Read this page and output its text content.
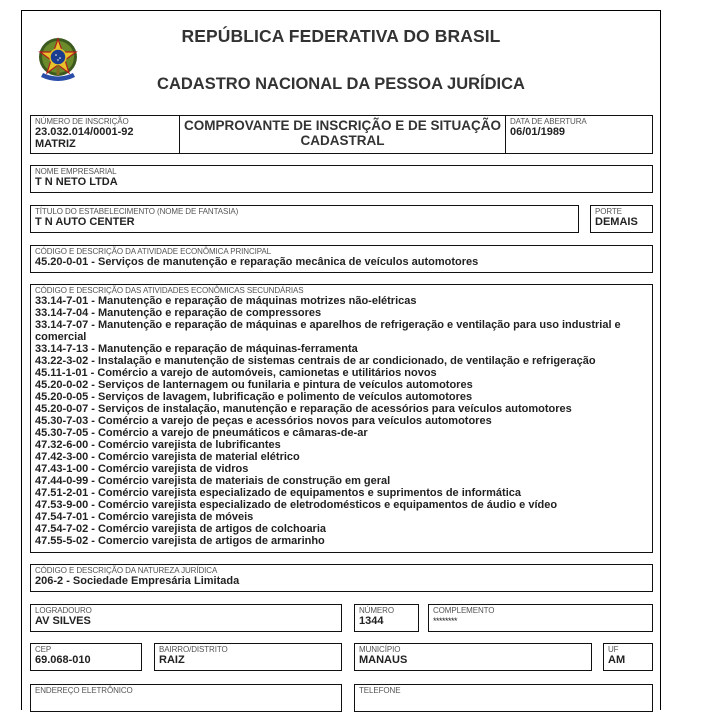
REPÚBLICA FEDERATIVA DO BRASIL
CADASTRO NACIONAL DA PESSOA JURÍDICA
NÚMERO DE INSCRIÇÃO
23.032.014/0001-92
MATRIZ
COMPROVANTE DE INSCRIÇÃO E DE SITUAÇÃO
CADASTRAL
DATA DE ABERTURA
06/01/1989
NOME EMPRESARIAL
T N NETO LTDA
TÍTULO DO ESTABELECIMENTO (NOME DE FANTASIA)
T N AUTO CENTER
PORTE
DEMAIS
CÓDIGO E DESCRIÇÃO DA ATIVIDADE ECONÔMICA PRINCIPAL
45.20-0-01 - Serviços de manutenção e reparação mecânica de veículos automotores
CÓDIGO E DESCRIÇÃO DAS ATIVIDADES ECONÔMICAS SECUNDÁRIAS
33.14-7-01 - Manutenção e reparação de máquinas motrizes não-elétricas
33.14-7-04 - Manutenção e reparação de compressores
33.14-7-07 - Manutenção e reparação de máquinas e aparelhos de refrigeração e ventilação para uso industrial e comercial
33.14-7-13 - Manutenção e reparação de máquinas-ferramenta
43.22-3-02 - Instalação e manutenção de sistemas centrais de ar condicionado, de ventilação e refrigeração
45.11-1-01 - Comércio a varejo de automóveis, camionetas e utilitários novos
45.20-0-02 - Serviços de lanternagem ou funilaria e pintura de veículos automotores
45.20-0-05 - Serviços de lavagem, lubrificação e polimento de veículos automotores
45.20-0-07 - Serviços de instalação, manutenção e reparação de acessórios para veículos automotores
45.30-7-03 - Comércio a varejo de peças e acessórios novos para veículos automotores
45.30-7-05 - Comércio a varejo de pneumáticos e câmaras-de-ar
47.32-6-00 - Comércio varejista de lubrificantes
47.42-3-00 - Comércio varejista de material elétrico
47.43-1-00 - Comércio varejista de vidros
47.44-0-99 - Comércio varejista de materiais de construção em geral
47.51-2-01 - Comércio varejista especializado de equipamentos e suprimentos de informática
47.53-9-00 - Comércio varejista especializado de eletrodomésticos e equipamentos de áudio e vídeo
47.54-7-01 - Comércio varejista de móveis
47.54-7-02 - Comércio varejista de artigos de colchoaria
47.55-5-02 - Comercio varejista de artigos de armarinho
CÓDIGO E DESCRIÇÃO DA NATUREZA JURÍDICA
206-2 - Sociedade Empresária Limitada
LOGRADOURO
AV SILVES
NÚMERO
1344
COMPLEMENTO
********
CEP
69.068-010
BAIRRO/DISTRITO
RAIZ
MUNICÍPIO
MANAUS
UF
AM
ENDEREÇO ELETRÔNICO	TELEFONE
